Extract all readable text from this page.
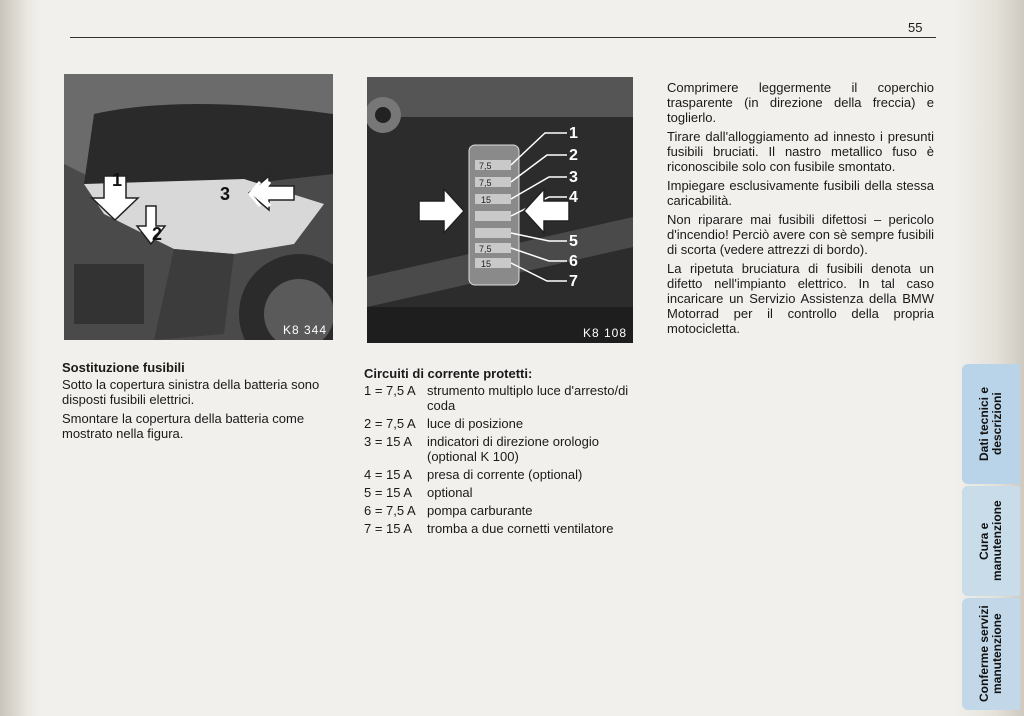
55
1
2
3
K8 344
7,5
7,5
15
7,5
15
1
2
3
4
5
6
7
K8 108
Sostituzione fusibili

Sotto la copertura sinistra della batteria sono disposti fusibili elettrici.

Smontare la copertura della batteria come mostrato nella figura.

Circuiti di corrente protetti:
1 = 7,5 A strumento multiplo luce d'arresto/di coda
2 = 7,5 A luce di posizione
3 = 15 A	indicatori di direzione orologio (optional K 100)
4 = 15 A	presa di corrente (optional)
5 = 15 A	optional
6 = 7,5 A pompa carburante
7 = 15 A	tromba a due cornetti ventilatore

Comprimere leggermente il coperchio trasparente (in direzione della freccia) e toglierlo.

Tirare dall'alloggiamento ad innesto i presunti fusibili bruciati. Il nastro metallico fuso è riconoscibile solo con fusibile smontato.

Impiegare esclusivamente fusibili della stessa caricabilità.

Non riparare mai fusibili difettosi – pericolo d'incendio! Perciò avere con sè sempre fusibili di scorta (vedere attrezzi di bordo).

La ripetuta bruciatura di fusibili denota un difetto nell'impianto elettrico. In tal caso incaricare un Servizio Assistenza della BMW Motorrad per il controllo della propria motocicletta.

Dati tecnici e descrizioni
Cura e manutenzione
Conferme servizi manutenzione
